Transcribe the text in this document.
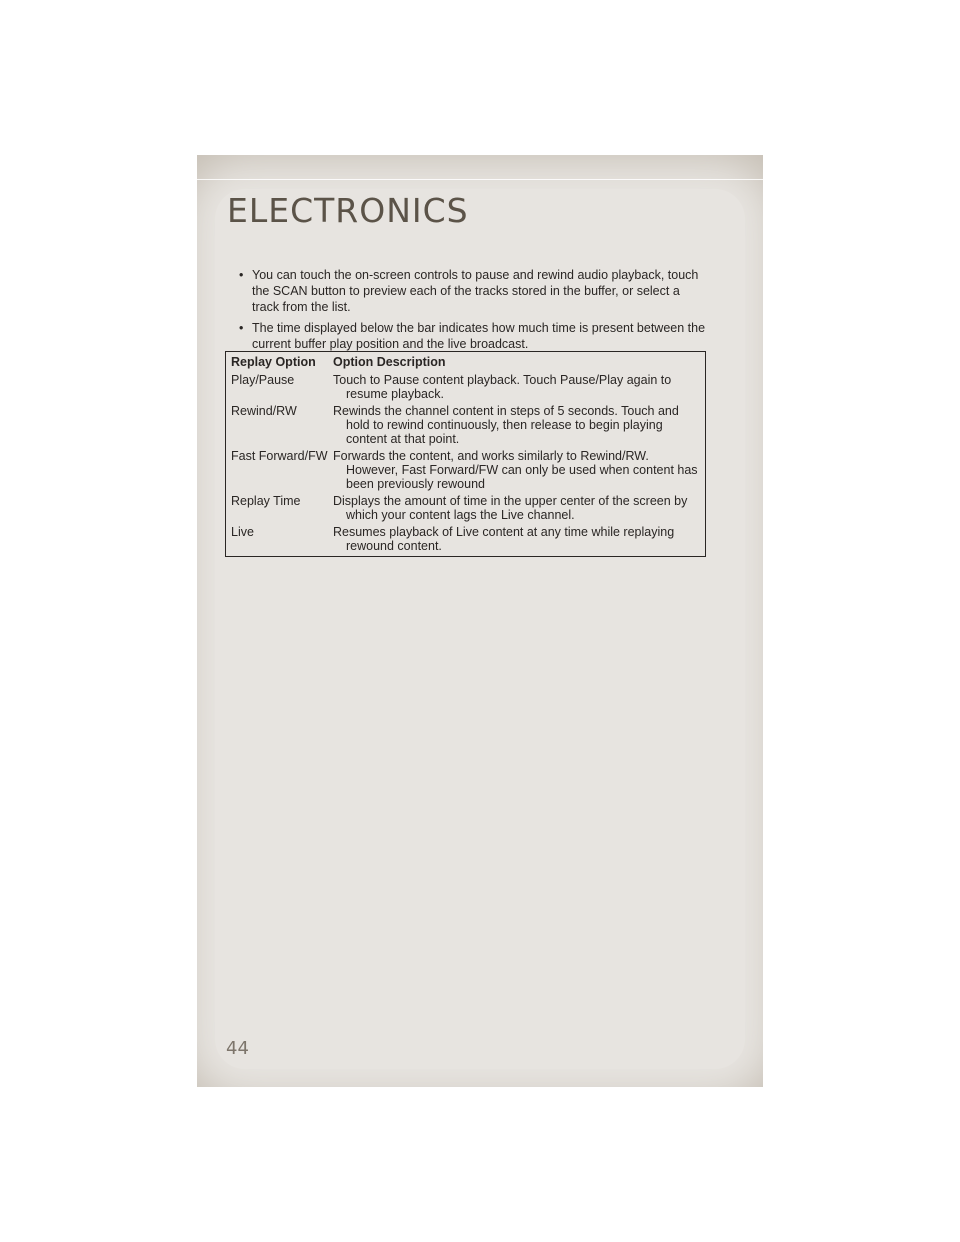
ELECTRONICS
• You can touch the on-screen controls to pause and rewind audio playback, touch the SCAN button to preview each of the tracks stored in the buffer, or select a track from the list.
• The time displayed below the bar indicates how much time is present between the current buffer play position and the live broadcast.
Replay Option	Option Description
Play/Pause	Touch to Pause content playback. Touch Pause/Play again to resume playback.

Rewind/RW	Rewinds the channel content in steps of 5 seconds. Touch and hold to rewind continuously, then release to begin playing content at that point.

Fast Forward/FW	Forwards the content, and works similarly to Rewind/RW. However, Fast Forward/FW can only be used when content has been previously rewound

Replay Time	Displays the amount of time in the upper center of the screen by which your content lags the Live channel.

Live	Resumes playback of Live content at any time while replaying rewound content.
44
